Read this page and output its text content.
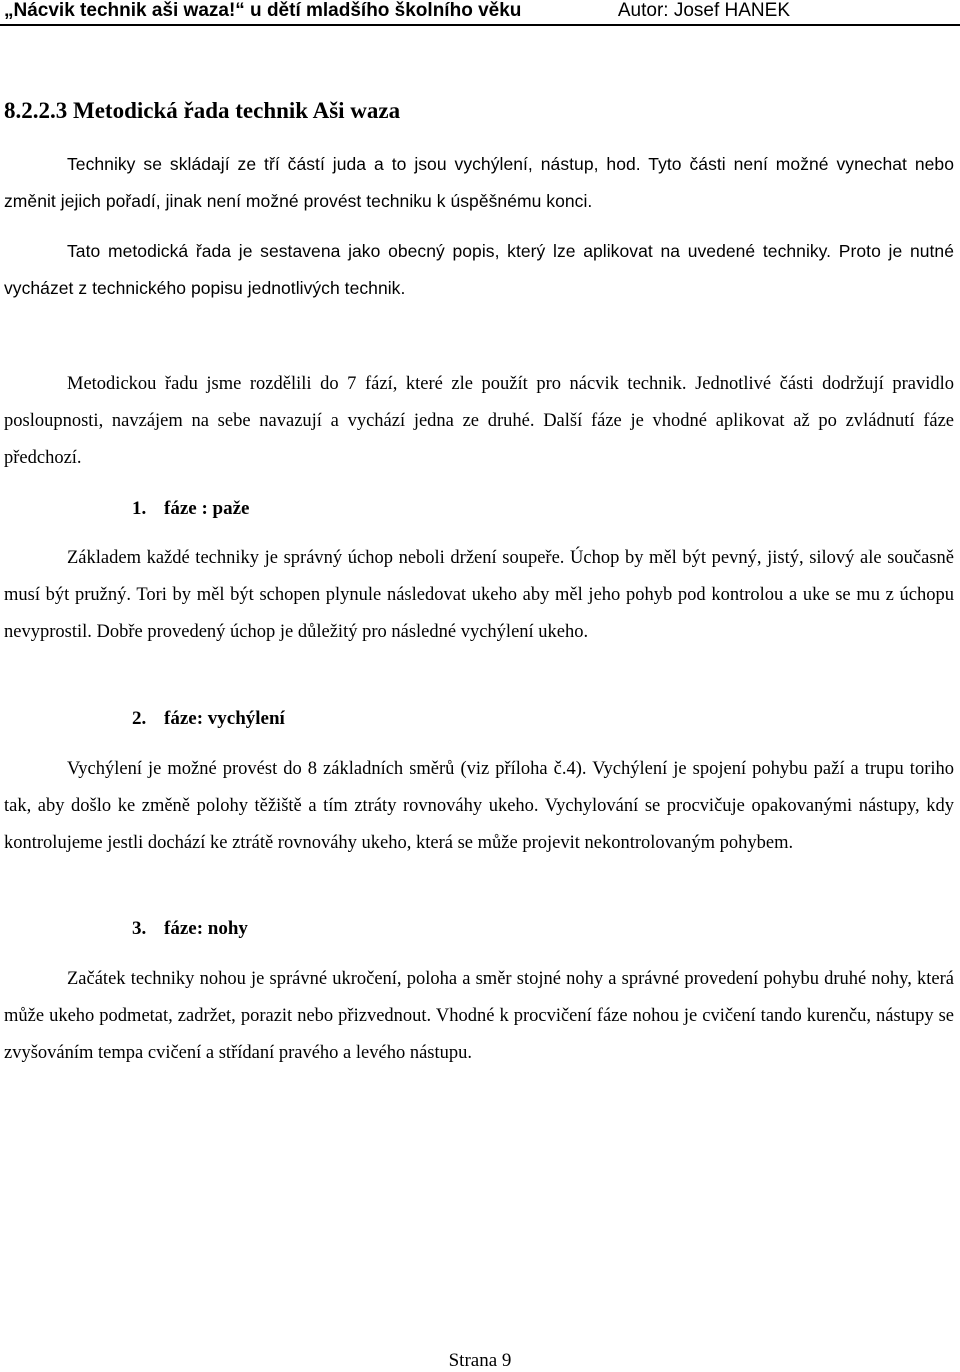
„Nácvik technik aši waza!“ u dětí mladšího školního věku	Autor: Josef HANEK
8.2.2.3 Metodická řada technik Aši waza

Techniky se skládají ze tří částí juda a to jsou vychýlení, nástup, hod. Tyto části není možné vynechat nebo změnit jejich pořadí, jinak není možné provést techniku k úspěšnému konci.

Tato metodická řada je sestavena jako obecný popis, který lze aplikovat na uvedené techniky. Proto je nutné vycházet z technického popisu jednotlivých technik.

Metodickou řadu jsme rozdělili do 7 fází, které zle použít pro nácvik technik. Jednotlivé části dodržují pravidlo posloupnosti, navzájem na sebe navazují a vychází jedna ze druhé. Další fáze je vhodné aplikovat až po zvládnutí fáze předchozí.

1. fáze : paže

Základem každé techniky je správný úchop neboli držení soupeře. Úchop by měl být pevný, jistý, silový ale současně musí být pružný. Tori by měl být schopen plynule následovat ukeho aby měl jeho pohyb pod kontrolou a uke se mu z úchopu nevyprostil. Dobře provedený úchop je důležitý pro následné vychýlení ukeho.

2. fáze: vychýlení

Vychýlení je možné provést do 8 základních směrů (viz příloha č.4). Vychýlení je spojení pohybu paží a trupu toriho tak, aby došlo ke změně polohy těžiště a tím ztráty rovnováhy ukeho. Vychylování se procvičuje opakovanými nástupy, kdy kontrolujeme jestli dochází ke ztrátě rovnováhy ukeho, která se může projevit nekontrolovaným pohybem.

3. fáze: nohy

Začátek techniky nohou je správné ukročení, poloha a směr stojné nohy a správné provedení pohybu druhé nohy, která může ukeho podmetat, zadržet, porazit nebo přizvednout. Vhodné k procvičení fáze nohou je cvičení tando kurenču, nástupy se zvyšováním tempa cvičení a střídaní pravého a levého nástupu.

Strana 9
